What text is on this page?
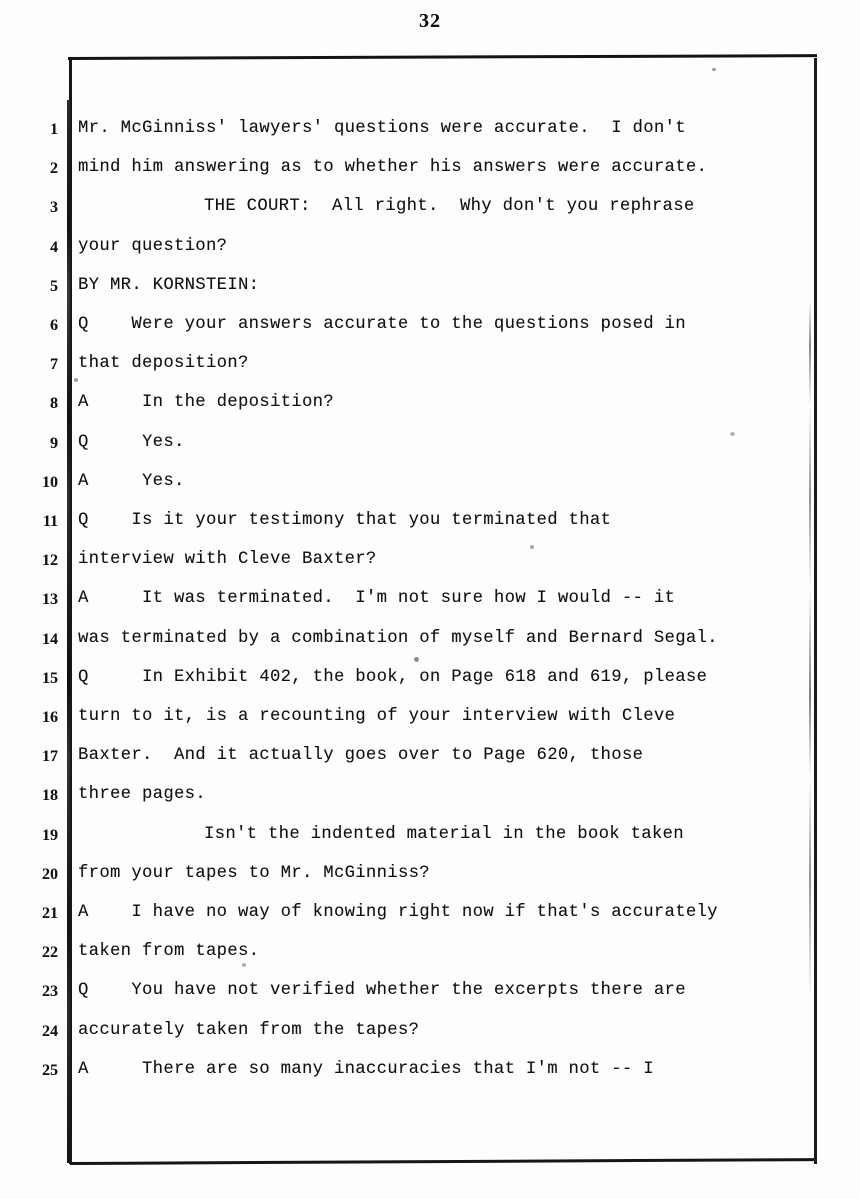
32
1 Mr. McGinniss' lawyers' questions were accurate.  I don't
2 mind him answering as to whether his answers were accurate.
3	THE COURT:  All right.  Why don't you rephrase
4 your question?
5 BY MR. KORNSTEIN:
6 Q    Were your answers accurate to the questions posed in
7 that deposition?
8 A     In the deposition?
9 Q     Yes.
10 A     Yes.
11 Q    Is it your testimony that you terminated that
12 interview with Cleve Baxter?
13 A     It was terminated.  I'm not sure how I would -- it
14 was terminated by a combination of myself and Bernard Segal.
15 Q     In Exhibit 402, the book, on Page 618 and 619, please
16 turn to it, is a recounting of your interview with Cleve
17 Baxter.  And it actually goes over to Page 620, those
18 three pages.
19	Isn't the indented material in the book taken
20 from your tapes to Mr. McGinniss?
21 A    I have no way of knowing right now if that's accurately
22 taken from tapes.
23 Q    You have not verified whether the excerpts there are
24 accurately taken from the tapes?
25 A     There are so many inaccuracies that I'm not -- I
